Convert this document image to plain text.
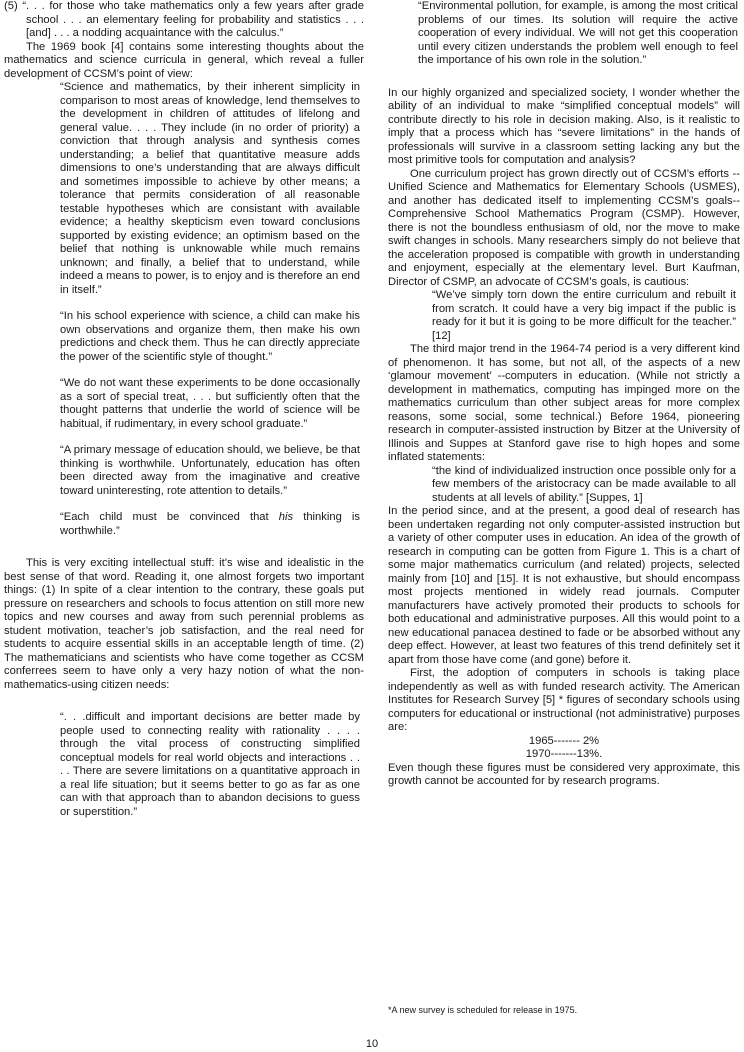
(5) “. . . for those who take mathematics only a few years after grade school . . . an elementary feeling for probability and statistics . . . [and] . . . a nodding acquaintance with the calculus.”

The 1969 book [4] contains some interesting thoughts about the mathematics and science curricula in general, which reveal a fuller development of CCSM’s point of view:

“Science and mathematics, by their inherent simplicity in comparison to most areas of knowledge, lend themselves to the development in children of attitudes of lifelong and general value. . . . They include (in no order of priority) a conviction that through analysis and synthesis comes understanding; a belief that quantitative measure adds dimensions to one’s understanding that are always difficult and sometimes impossible to achieve by other means; a tolerance that permits consideration of all reasonable testable hypotheses which are consistant with available evidence; a healthy skepticism even toward conclusions supported by existing evidence; an optimism based on the belief that nothing is unknowable while much remains unknown; and finally, a belief that to understand, while indeed a means to power, is to enjoy and is therefore an end in itself.”

“In his school experience with science, a child can make his own observations and organize them, then make his own predictions and check them. Thus he can directly appreciate the power of the scientific style of thought.”

“We do not want these experiments to be done occasionally as a sort of special treat, . . . but sufficiently often that the thought patterns that underlie the world of science will be habitual, if rudimentary, in every school graduate.”

“A primary message of education should, we believe, be that thinking is worthwhile. Unfortunately, education has often been directed away from the imaginative and creative toward uninteresting, rote attention to details.”

“Each child must be convinced that his thinking is worthwhile.”

This is very exciting intellectual stuff: it’s wise and idealistic in the best sense of that word. Reading it, one almost forgets two important things: (1) In spite of a clear intention to the contrary, these goals put pressure on researchers and schools to focus attention on still more new topics and new courses and away from such perennial problems as student motivation, teacher’s job satisfaction, and the real need for students to acquire essential skills in an acceptable length of time. (2) The mathematicians and scientists who have come together as CCSM conferrees seem to have only a very hazy notion of what the non-mathematics-using citizen needs:

“. . .difficult and important decisions are better made by people used to connecting reality with rationality . . . . through the vital process of constructing simplified conceptual models for real world objects and interactions . . . . There are severe limitations on a quantitative approach in a real life situation; but it seems better to go as far as one can with that approach than to abandon decisions to guess or superstition.”

“Environmental pollution, for example, is among the most critical problems of our times. Its solution will require the active cooperation of every individual. We will not get this cooperation until every citizen understands the problem well enough to feel the importance of his own role in the solution.”

In our highly organized and specialized society, I wonder whether the ability of an individual to make “simplified conceptual models” will contribute directly to his role in decision making. Also, is it realistic to imply that a process which has “severe limitations” in the hands of professionals will survive in a classroom setting lacking any but the most primitive tools for computation and analysis?

One curriculum project has grown directly out of CCSM’s efforts --Unified Science and Mathematics for Elementary Schools (USMES), and another has dedicated itself to implementing CCSM’s goals-- Comprehensive School Mathematics Program (CSMP). However, there is not the boundless enthusiasm of old, nor the move to make swift changes in schools. Many researchers simply do not believe that the acceleration proposed is compatible with growth in understanding and enjoyment, especially at the elementary level. Burt Kaufman, Director of CSMP, an advocate of CCSM’s goals, is cautious:

“We’ve simply torn down the entire curriculum and rebuilt it from scratch. It could have a very big impact if the public is ready for it but it is going to be more difficult for the teacher.” [12]

The third major trend in the 1964-74 period is a very different kind of phenomenon. It has some, but not all, of the aspects of a new ‘glamour movement’ --computers in education. (While not strictly a development in mathematics, computing has impinged more on the mathematics curriculum than other subject areas for more complex reasons, some social, some technical.) Before 1964, pioneering research in computer-assisted instruction by Bitzer at the University of Illinois and Suppes at Stanford gave rise to high hopes and some inflated statements:

“the kind of individualized instruction once possible only for a few members of the aristocracy can be made available to all students at all levels of ability.” [Suppes, 1]

In the period since, and at the present, a good deal of research has been undertaken regarding not only computer-assisted instruction but a variety of other computer uses in education. An idea of the growth of research in computing can be gotten from Figure 1. This is a chart of some major mathematics curriculum (and related) projects, selected mainly from [10] and [15]. It is not exhaustive, but should encompass most projects mentioned in widely read journals. Computer manufacturers have actively promoted their products to schools for both educational and administrative purposes. All this would point to a new educational panacea destined to fade or be absorbed without any deep effect. However, at least two features of this trend definitely set it apart from those have come (and gone) before it.

First, the adoption of computers in schools is taking place independently as well as with funded research activity. The American Institutes for Research Survey [5] * figures of secondary schools using computers for educational or instructional (not administrative) purposes are:

1965------- 2%

1970-------13%.

Even though these figures must be considered very approximate, this growth cannot be accounted for by research programs.

*A new survey is scheduled for release in 1975.
10
